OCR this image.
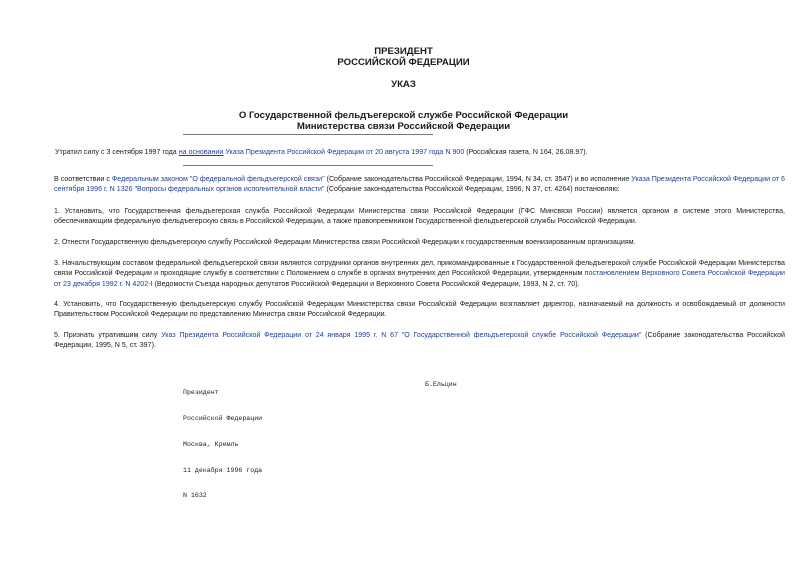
ПРЕЗИДЕНТ
РОССИЙСКОЙ ФЕДЕРАЦИИ
УКАЗ
О Государственной фельдъегерской службе Российской Федерации
Министерства связи Российской Федерации
Утратил силу с 3 сентября 1997 года на основании Указа Президента Российской Федерации от 20 августа 1997 года N 900 (Российская газета, N 164, 26.08.97).
В соответствии с Федеральным законом "О федеральной фельдъегерской связи" (Собрание законодательства Российской Федерации, 1994, N 34, ст. 3547) и во исполнение Указа Президента Российской Федерации от 6 сентября 1996 г. N 1326 "Вопросы федеральных органов исполнительной власти" (Собрание законодательства Российской Федерации, 1996, N 37, ст. 4264) постановляю:
1. Установить, что Государственная фельдъегерская служба Российской Федерации Министерства связи Российской Федерации (ГФС Минсвязи России) является органом в системе этого Министерства, обеспечивающим федеральную фельдъегерскую связь в Российской Федерации, а также правопреемником Государственной фельдъегерской службы Российской Федерации.
2. Отнести Государственную фельдъегерскую службу Российской Федерации Министерства связи Российской Федерации к государственным военизированным организациям.
3. Начальствующим составом федеральной фельдъегерской связи являются сотрудники органов внутренних дел, прикомандированные к Государственной фельдъегерской службе Российской Федерации Министерства связи Российской Федерации и проходящие службу в соответствии с Положением о службе в органах внутренних дел Российской Федерации, утвержденным постановлением Верховного Совета Российской Федерации от 23 декабря 1992 г. N 4202-I (Ведомости Съезда народных депутатов Российской Федерации и Верховного Совета Российской Федерации, 1993, N 2, ст. 70).
4. Установить, что Государственную фельдъегерскую службу Российской Федерации Министерства связи Российской Федерации возглавляет директор, назначаемый на должность и освобождаемый от должности Правительством Российской Федерации по представлению Министра связи Российской Федерации.
5. Признать утратившим силу Указ Президента Российской Федерации от 24 января 1995 г. N 67 "О Государственной фельдъегерской службе Российской Федерации" (Собрание законодательства Российской Федерации, 1995, N 5, ст. 397).

Президент

Российской Федерации

Москва, Кремль

11 декабря 1996 года

N 1632

Б.Ельцин
